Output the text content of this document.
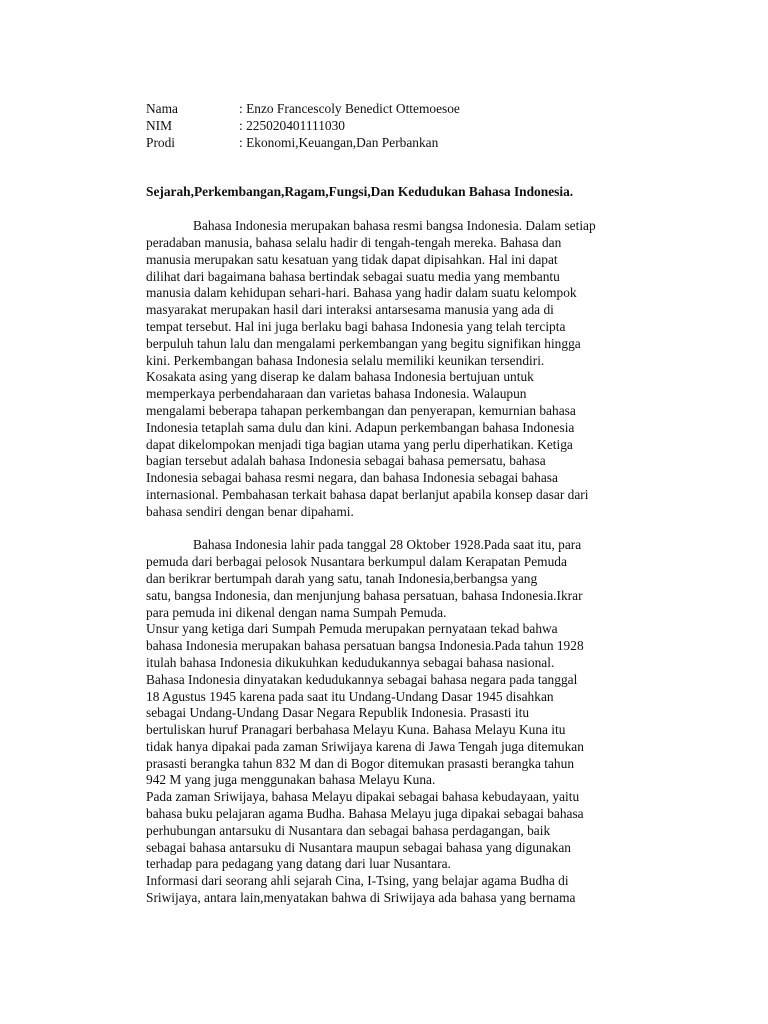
Nama	: Enzo Francescoly Benedict Ottemoesoe
NIM	: 225020401111030
Prodi	: Ekonomi,Keuangan,Dan Perbankan
Sejarah,Perkembangan,Ragam,Fungsi,Dan Kedudukan Bahasa Indonesia.

Bahasa Indonesia merupakan bahasa resmi bangsa Indonesia. Dalam setiap
peradaban manusia, bahasa selalu hadir di tengah-tengah mereka. Bahasa dan
manusia merupakan satu kesatuan yang tidak dapat dipisahkan. Hal ini dapat
dilihat dari bagaimana bahasa bertindak sebagai suatu media yang membantu
manusia dalam kehidupan sehari-hari. Bahasa yang hadir dalam suatu kelompok
masyarakat merupakan hasil dari interaksi antarsesama manusia yang ada di
tempat tersebut. Hal ini juga berlaku bagi bahasa Indonesia yang telah tercipta
berpuluh tahun lalu dan mengalami perkembangan yang begitu signifikan hingga
kini. Perkembangan bahasa Indonesia selalu memiliki keunikan tersendiri.
Kosakata asing yang diserap ke dalam bahasa Indonesia bertujuan untuk
memperkaya perbendaharaan dan varietas bahasa Indonesia. Walaupun
mengalami beberapa tahapan perkembangan dan penyerapan, kemurnian bahasa
Indonesia tetaplah sama dulu dan kini. Adapun perkembangan bahasa Indonesia
dapat dikelompokan menjadi tiga bagian utama yang perlu diperhatikan. Ketiga
bagian tersebut adalah bahasa Indonesia sebagai bahasa pemersatu, bahasa
Indonesia sebagai bahasa resmi negara, dan bahasa Indonesia sebagai bahasa
internasional. Pembahasan terkait bahasa dapat berlanjut apabila konsep dasar dari
bahasa sendiri dengan benar dipahami.

Bahasa Indonesia lahir pada tanggal 28 Oktober 1928.Pada saat itu, para
pemuda dari berbagai pelosok Nusantara berkumpul dalam Kerapatan Pemuda
dan berikrar bertumpah darah yang satu, tanah Indonesia,berbangsa yang
satu, bangsa Indonesia, dan menjunjung bahasa persatuan, bahasa Indonesia.Ikrar
para pemuda ini dikenal dengan nama Sumpah Pemuda.
Unsur yang ketiga dari Sumpah Pemuda merupakan pernyataan tekad bahwa
bahasa Indonesia merupakan bahasa persatuan bangsa Indonesia.Pada tahun 1928
itulah bahasa Indonesia dikukuhkan kedudukannya sebagai bahasa nasional.
Bahasa Indonesia dinyatakan kedudukannya sebagai bahasa negara pada tanggal
18 Agustus 1945 karena pada saat itu Undang-Undang Dasar 1945 disahkan
sebagai Undang-Undang Dasar Negara Republik Indonesia. Prasasti itu
bertuliskan huruf Pranagari berbahasa Melayu Kuna. Bahasa Melayu Kuna itu
tidak hanya dipakai pada zaman Sriwijaya karena di Jawa Tengah juga ditemukan
prasasti berangka tahun 832 M dan di Bogor ditemukan prasasti berangka tahun
942 M yang juga menggunakan bahasa Melayu Kuna.
Pada zaman Sriwijaya, bahasa Melayu dipakai sebagai bahasa kebudayaan, yaitu
bahasa buku pelajaran agama Budha. Bahasa Melayu juga dipakai sebagai bahasa
perhubungan antarsuku di Nusantara dan sebagai bahasa perdagangan, baik
sebagai bahasa antarsuku di Nusantara maupun sebagai bahasa yang digunakan
terhadap para pedagang yang datang dari luar Nusantara.
Informasi dari seorang ahli sejarah Cina, I-Tsing, yang belajar agama Budha di
Sriwijaya, antara lain,menyatakan bahwa di Sriwijaya ada bahasa yang bernama
